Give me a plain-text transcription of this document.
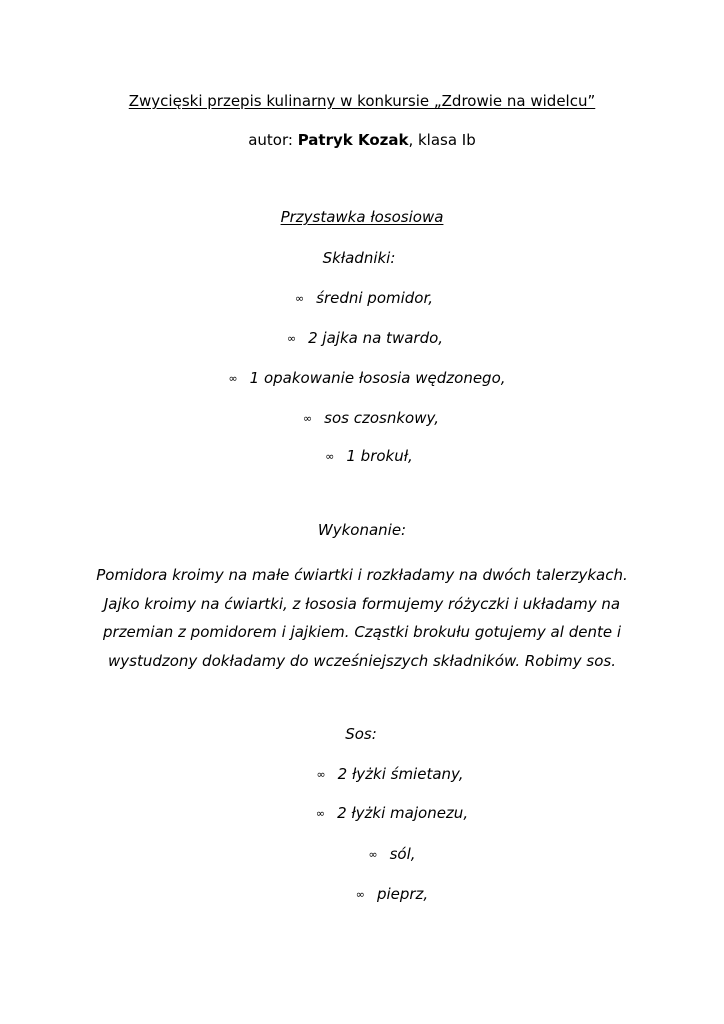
Zwycięski przepis kulinarny w konkursie „Zdrowie na widelcu”
autor: Patryk Kozak, klasa Ib
Przystawka łososiowa
Składniki:
∞ średni pomidor,
∞ 2 jajka na twardo,
∞ 1 opakowanie łososia wędzonego,
∞ sos czosnkowy,
∞ 1 brokuł,
Wykonanie:
Pomidora kroimy na małe ćwiartki i rozkładamy na dwóch talerzykach.
Jajko kroimy na ćwiartki, z łososia formujemy różyczki i układamy na
przemian z pomidorem i jajkiem. Cząstki brokułu gotujemy al dente i
wystudzony dokładamy do wcześniejszych składników. Robimy sos.
Sos:
∞ 2 łyżki śmietany,
∞ 2 łyżki majonezu,
∞ sól,
∞ pieprz,
